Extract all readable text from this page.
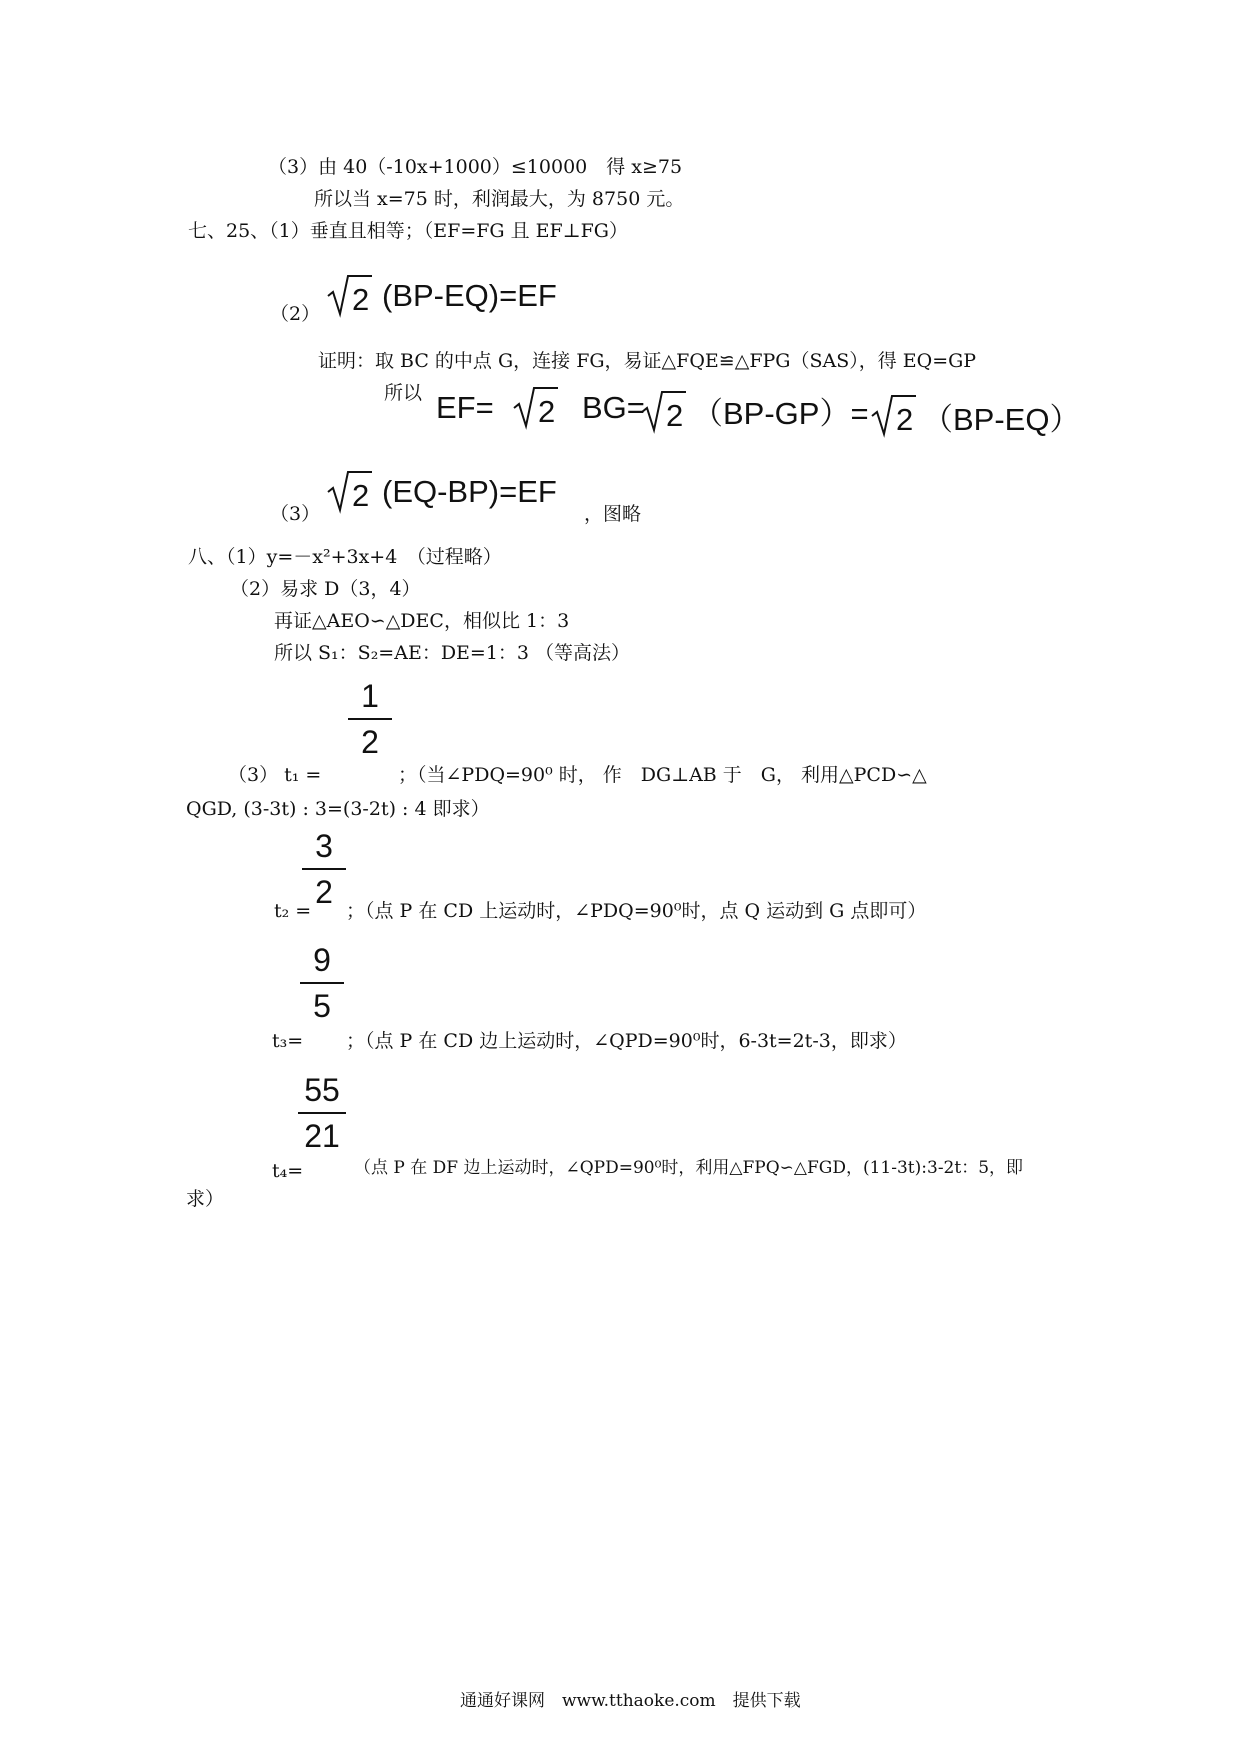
（3）由 40（-10x+1000）≤10000　得 x≥75
所以当 x=75 时，利润最大，为 8750 元。
七、25、（1）垂直且相等；（EF=FG 且 EF⊥FG）
（2） 2 (BP-EQ)=EF
证明：取 BC 的中点 G，连接 FG，易证△FQE≌△FPG（SAS），得 EQ=GP
所以 EF= 2 BG= 2 （BP-GP）= 2 （BP-EQ）
（3）
2 (EQ-BP)=EF
，图略
八、（1）y=－x²+3x+4　（过程略）
（2）易求 D（3，4）
再证△AEO∽△DEC，相似比 1：3
所以 S₁：S₂=AE：DE=1：3 （等高法）
1
2
（3） t₁ =	；（当∠PDQ=90⁰ 时， 作　DG⊥AB 于　G， 利用△PCD∽△
QGD, (3-3t) : 3=(3-2t) : 4 即求）
3
2
t₂ = ；（点 P 在 CD 上运动时，∠PDQ=90⁰时，点 Q 运动到 G 点即可）
9
5
t₃= ；（点 P 在 CD 边上运动时，∠QPD=90⁰时，6-3t=2t-3，即求）
55
21
t₄=	（点 P 在 DF 边上运动时，∠QPD=90⁰时，利用△FPQ∽△FGD，(11-3t):3-2t：5，即
求）
通通好课网　www.tthaoke.com　提供下载
